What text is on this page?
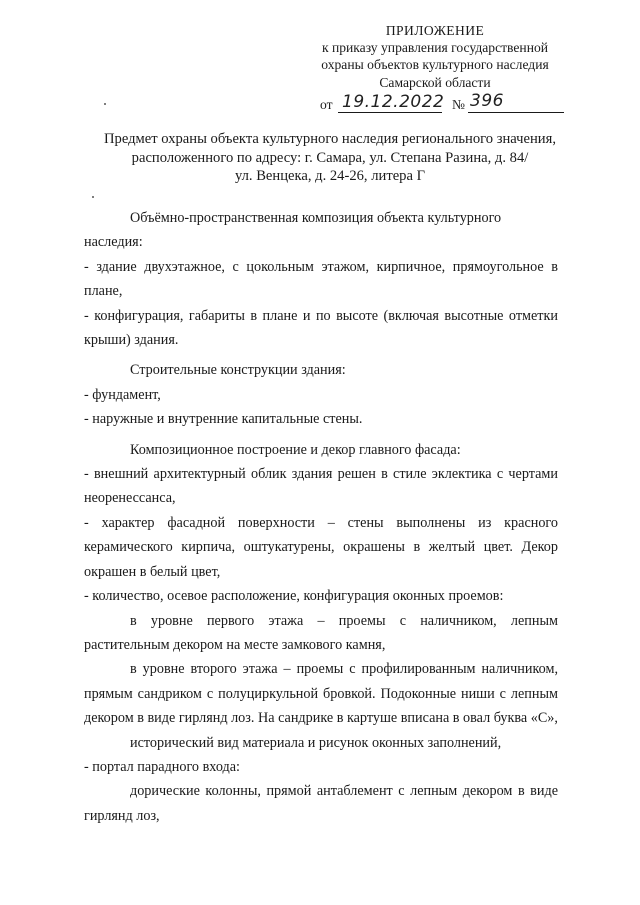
ПРИЛОЖЕНИЕ
к приказу управления государственной
охраны объектов культурного наследия
Самарской области
от 19.12.2022 № 396
Предмет охраны объекта культурного наследия регионального значения,
расположенного по адресу: г. Самара, ул. Степана Разина, д. 84/
ул. Венцека, д. 24-26, литера Г

Объёмно-пространственная композиция объекта культурного наследия:

- здание двухэтажное, с цокольным этажом, кирпичное, прямоугольное в плане,

- конфигурация, габариты в плане и по высоте (включая высотные отметки крыши) здания.

Строительные конструкции здания:

- фундамент,

- наружные и внутренние капитальные стены.

Композиционное построение и декор главного фасада:

- внешний архитектурный облик здания решен в стиле эклектика с чертами неоренессанса,

- характер фасадной поверхности – стены выполнены из красного керамического кирпича, оштукатурены, окрашены в желтый цвет. Декор окрашен в белый цвет,

- количество, осевое расположение, конфигурация оконных проемов:

в уровне первого этажа – проемы с наличником, лепным растительным декором на месте замкового камня,

в уровне второго этажа – проемы с профилированным наличником, прямым сандриком с полуциркульной бровкой. Подоконные ниши с лепным декором в виде гирлянд лоз. На сандрике в картуше вписана в овал буква «С»,

исторический вид материала и рисунок оконных заполнений,

- портал парадного входа:

дорические колонны, прямой антаблемент с лепным декором в виде гирлянд лоз,
